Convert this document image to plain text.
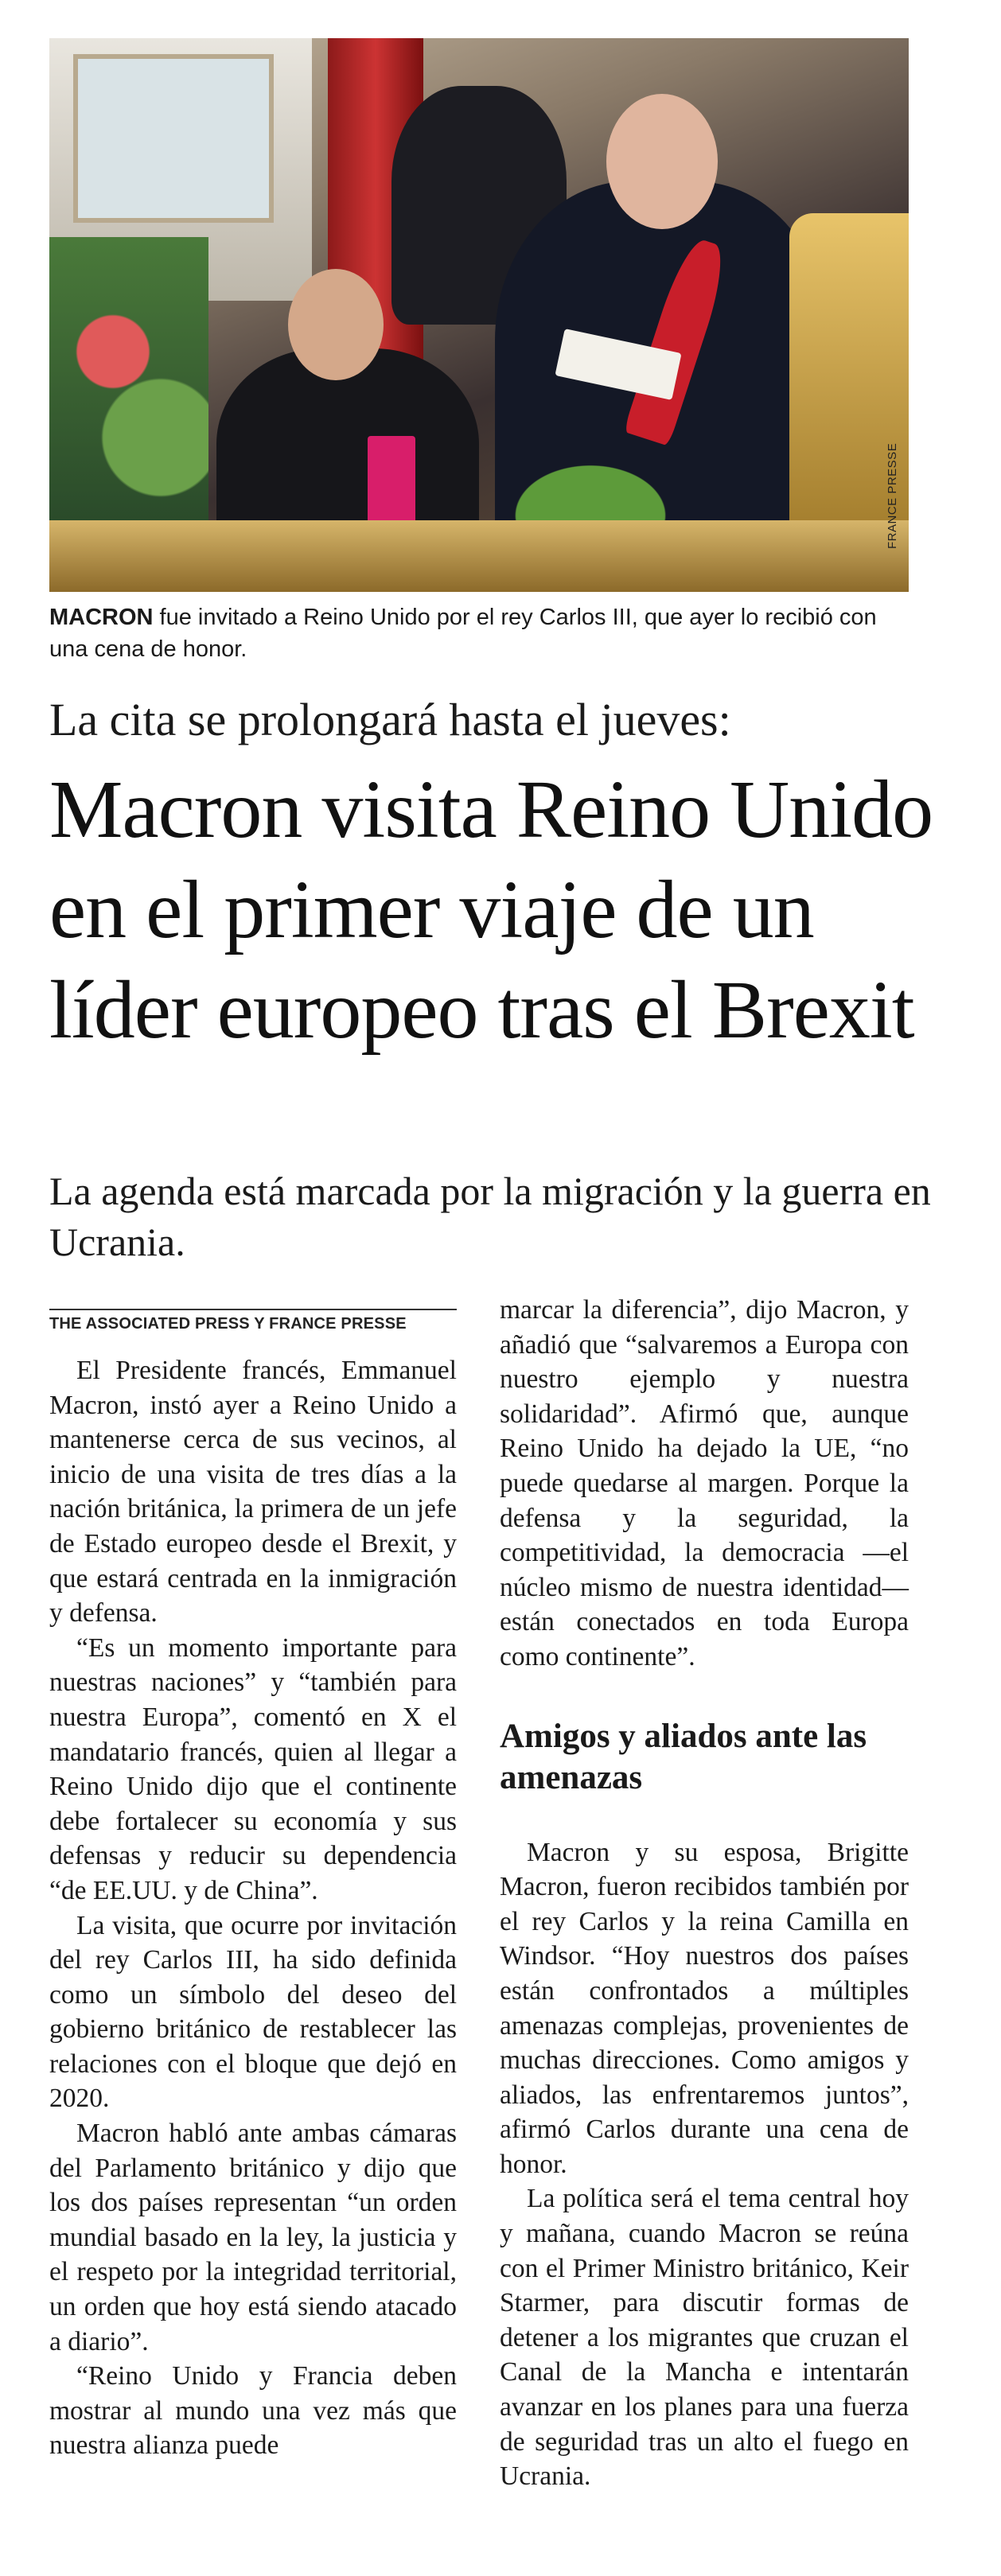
FRANCE PRESSE
MACRON fue invitado a Reino Unido por el rey Carlos III, que ayer lo recibió con una cena de honor.
La cita se prolongará hasta el jueves:
Macron visita Reino Unido en el primer viaje de un líder europeo tras el Brexit
La agenda está marcada por la migración y la guerra en Ucrania.
THE ASSOCIATED PRESS Y FRANCE PRESSE

El Presidente francés, Emmanuel Macron, instó ayer a Reino Unido a mantenerse cerca de sus vecinos, al inicio de una visita de tres días a la nación británica, la primera de un jefe de Estado europeo desde el Brexit, y que estará centrada en la inmigración y defensa.

“Es un momento importante para nuestras naciones” y “también para nuestra Europa”, comentó en X el mandatario francés, quien al llegar a Reino Unido dijo que el continente debe fortalecer su economía y sus defensas y reducir su dependencia “de EE.UU. y de China”.

La visita, que ocurre por invitación del rey Carlos III, ha sido definida como un símbolo del deseo del gobierno británico de restablecer las relaciones con el bloque que dejó en 2020.

Macron habló ante ambas cámaras del Parlamento británico y dijo que los dos países representan “un orden mundial basado en la ley, la justicia y el respeto por la integridad territorial, un orden que hoy está siendo atacado a diario”.

“Reino Unido y Francia deben mostrar al mundo una vez más que nuestra alianza puede

marcar la diferencia”, dijo Macron, y añadió que “salvaremos a Europa con nuestro ejemplo y nuestra solidaridad”. Afirmó que, aunque Reino Unido ha dejado la UE, “no puede quedarse al margen. Porque la defensa y la seguridad, la competitividad, la democracia —el núcleo mismo de nuestra identidad— están conectados en toda Europa como continente”.

Amigos y aliados ante las amenazas

Macron y su esposa, Brigitte Macron, fueron recibidos también por el rey Carlos y la reina Camilla en Windsor. “Hoy nuestros dos países están confrontados a múltiples amenazas complejas, provenientes de muchas direcciones. Como amigos y aliados, las enfrentaremos juntos”, afirmó Carlos durante una cena de honor.

La política será el tema central hoy y mañana, cuando Macron se reúna con el Primer Ministro británico, Keir Starmer, para discutir formas de detener a los migrantes que cruzan el Canal de la Mancha e intentarán avanzar en los planes para una fuerza de seguridad tras un alto el fuego en Ucrania.
